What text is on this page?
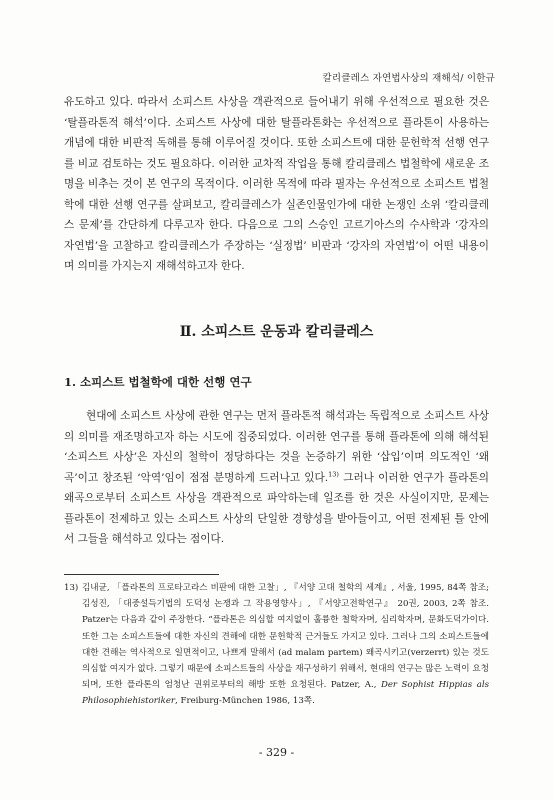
칼리클레스 자연법사상의 재해석/ 이한규

유도하고 있다. 따라서 소피스트 사상을 객관적으로 들어내기 위해 우선적으로 필요한 것은 ‘탈플라톤적 해석’이다. 소피스트 사상에 대한 탈플라톤화는 우선적으로 플라톤이 사용하는 개념에 대한 비판적 독해를 통해 이루어질 것이다. 또한 소피스트에 대한 문헌학적 선행 연구를 비교 검토하는 것도 필요하다. 이러한 교차적 작업을 통해 칼리클레스 법철학에 새로운 조명을 비추는 것이 본 연구의 목적이다. 이러한 목적에 따라 필자는 우선적으로 소피스트 법철학에 대한 선행 연구를 살펴보고, 칼리클레스가 실존인물인가에 대한 논쟁인 소위 ‘칼리클레스 문제’를 간단하게 다루고자 한다. 다음으로 그의 스승인 고르기아스의 수사학과 ‘강자의 자연법’을 고찰하고 칼리클레스가 주장하는 ‘실정법’ 비판과 ‘강자의 자연법’이 어떤 내용이며 의미를 가지는지 재해석하고자 한다.

Ⅱ. 소피스트 운동과 칼리클레스
1. 소피스트 법철학에 대한 선행 연구

현대에 소피스트 사상에 관한 연구는 먼저 플라톤적 해석과는 독립적으로 소피스트 사상의 의미를 재조명하고자 하는 시도에 집중되었다. 이러한 연구를 통해 플라톤에 의해 해석된 ‘소피스트 사상’은 자신의 철학이 정당하다는 것을 논증하기 위한 ‘삽입’이며 의도적인 ‘왜곡’이고 창조된 ‘악역’임이 점점 분명하게 드러나고 있다.$^{13)}$ 그러나 이러한 연구가 플라톤의 왜곡으로부터 소피스트 사상을 객관적으로 파악하는데 일조를 한 것은 사실이지만, 문제는 플라톤이 전제하고 있는 소피스트 사상의 단일한 경향성을 받아들이고, 어떤 전제된 틀 안에서 그들을 해석하고 있다는 점이다.

13) 김내균, 「플라톤의 프로타고라스 비판에 대한 고찰」, 『서양 고대 철학의 세계』, 서울, 1995, 84쪽 참조; 김성진, 「대중설득기법의 도덕성 논쟁과 그 작용영향사」, 『서양고전학연구』 20권, 2003, 2쪽 참조. Patzer는 다음과 같이 주장한다. “플라톤은 의심할 여지없이 훌륭한 철학자며, 심리학자며, 문화도덕가이다. 또한 그는 소피스트들에 대한 자신의 견해에 대한 문헌학적 근거들도 가지고 있다. 그러나 그의 소피스트들에 대한 견해는 역사적으로 일면적이고, 나쁘게 말해서 (ad malam partem) 왜곡시키고(verzerrt) 있는 것도 의심할 여지가 없다. 그렇기 때문에 소피스트들의 사상을 재구성하기 위해서, 현대의 연구는 많은 노력이 요청되며, 또한 플라톤의 엄청난 권위로부터의 해방 또한 요청된다. Patzer, A., Der Sophist Hippias als Philosophiehistoriker, Freiburg-München 1986, 13쪽.

- 329 -
